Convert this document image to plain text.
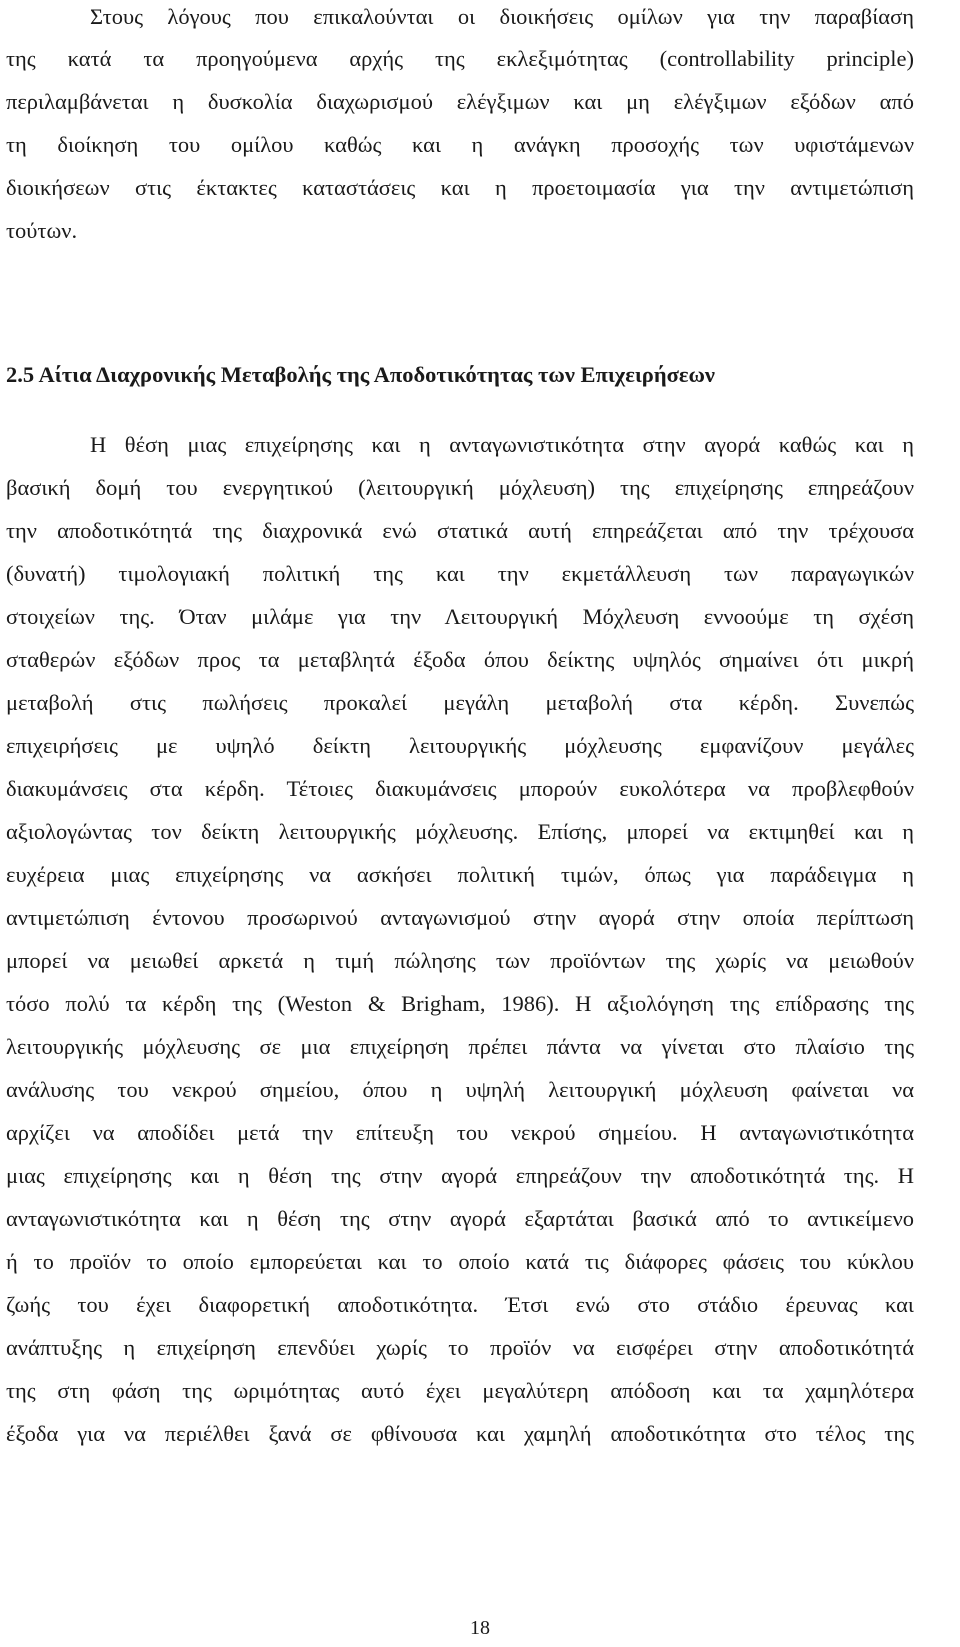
Στους λόγους που επικαλούνται οι διοικήσεις ομίλων για την παραβίαση

της κατά τα προηγούμενα αρχής της εκλεξιμότητας (controllability principle)

περιλαμβάνεται η δυσκολία διαχωρισμού ελέγξιμων και μη ελέγξιμων εξόδων από

τη διοίκηση του ομίλου καθώς και η ανάγκη προσοχής των υφιστάμενων

διοικήσεων στις έκτακτες καταστάσεις και η προετοιμασία για την αντιμετώπιση

τούτων.

2.5 Αίτια Διαχρονικής Μεταβολής της Αποδοτικότητας των Επιχειρήσεων

Η θέση μιας επιχείρησης και η ανταγωνιστικότητα στην αγορά καθώς και η

βασική δομή του ενεργητικού (λειτουργική μόχλευση) της επιχείρησης επηρεάζουν

την αποδοτικότητά της διαχρονικά ενώ στατικά αυτή επηρεάζεται από την τρέχουσα

(δυνατή) τιμολογιακή πολιτική της και την εκμετάλλευση των παραγωγικών

στοιχείων της. Όταν μιλάμε για την Λειτουργική Μόχλευση εννοούμε τη σχέση

σταθερών εξόδων προς τα μεταβλητά έξοδα όπου δείκτης υψηλός σημαίνει ότι μικρή

μεταβολή στις πωλήσεις προκαλεί μεγάλη μεταβολή στα κέρδη. Συνεπώς

επιχειρήσεις με υψηλό δείκτη λειτουργικής μόχλευσης εμφανίζουν μεγάλες

διακυμάνσεις στα κέρδη. Τέτοιες διακυμάνσεις μπορούν ευκολότερα να προβλεφθούν

αξιολογώντας τον δείκτη λειτουργικής μόχλευσης. Επίσης, μπορεί να εκτιμηθεί και η

ευχέρεια μιας επιχείρησης να ασκήσει πολιτική τιμών, όπως για παράδειγμα η

αντιμετώπιση έντονου προσωρινού ανταγωνισμού στην αγορά στην οποία περίπτωση

μπορεί να μειωθεί αρκετά η τιμή πώλησης των προϊόντων της χωρίς να μειωθούν

τόσο πολύ τα κέρδη της (Weston & Brigham, 1986). Η αξιολόγηση της επίδρασης της

λειτουργικής μόχλευσης σε μια επιχείρηση πρέπει πάντα να γίνεται στο πλαίσιο της

ανάλυσης του νεκρού σημείου, όπου η υψηλή λειτουργική μόχλευση φαίνεται να

αρχίζει να αποδίδει μετά την επίτευξη του νεκρού σημείου. Η ανταγωνιστικότητα

μιας επιχείρησης και η θέση της στην αγορά επηρεάζουν την αποδοτικότητά της. Η

ανταγωνιστικότητα και η θέση της στην αγορά εξαρτάται βασικά από το αντικείμενο

ή το προϊόν το οποίο εμπορεύεται και το οποίο κατά τις διάφορες φάσεις του κύκλου

ζωής του έχει διαφορετική αποδοτικότητα. Έτσι ενώ στο στάδιο έρευνας και

ανάπτυξης η επιχείρηση επενδύει χωρίς το προϊόν να εισφέρει στην αποδοτικότητά

της στη φάση της ωριμότητας αυτό έχει μεγαλύτερη απόδοση και τα χαμηλότερα

έξοδα για να περιέλθει ξανά σε φθίνουσα και χαμηλή αποδοτικότητα στο τέλος της

18
